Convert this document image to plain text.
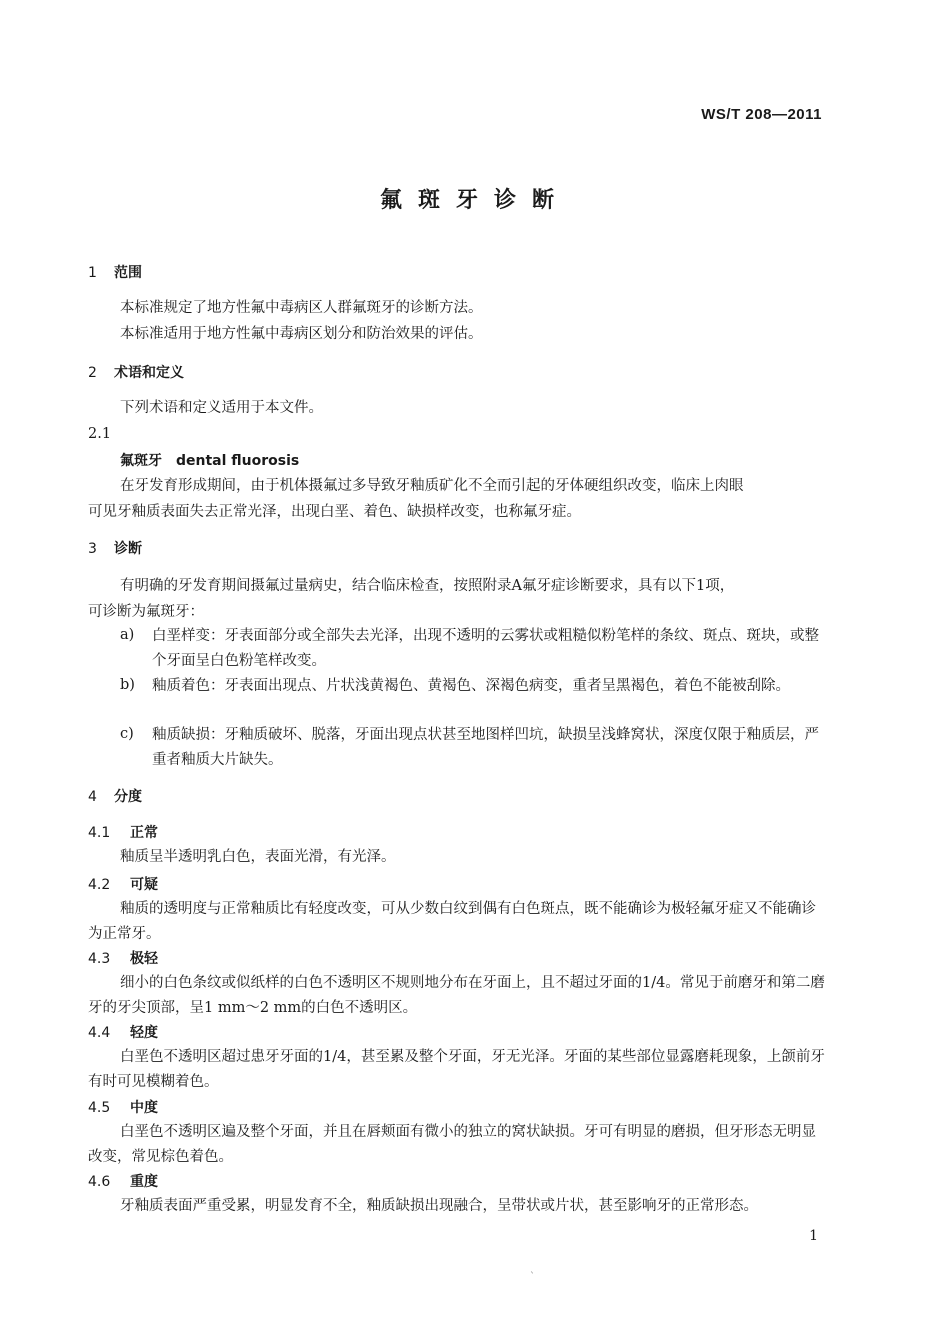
WS/T 208—2011
氟斑牙诊断
1 范围
本标准规定了地方性氟中毒病区人群氟斑牙的诊断方法。
本标准适用于地方性氟中毒病区划分和防治效果的评估。
2 术语和定义
下列术语和定义适用于本文件。
2.1
氟斑牙 dental fluorosis
在牙发育形成期间，由于机体摄氟过多导致牙釉质矿化不全而引起的牙体硬组织改变，临床上肉眼
可见牙釉质表面失去正常光泽，出现白垩、着色、缺损样改变，也称氟牙症。
3 诊断
有明确的牙发育期间摄氟过量病史，结合临床检查，按照附录A氟牙症诊断要求，具有以下1项，
可诊断为氟斑牙：
a) 白垩样变：牙表面部分或全部失去光泽，出现不透明的云雾状或粗糙似粉笔样的条纹、斑点、斑块，或整个牙面呈白色粉笔样改变。
b) 釉质着色：牙表面出现点、片状浅黄褐色、黄褐色、深褐色病变，重者呈黑褐色，着色不能被刮除。
c) 釉质缺损：牙釉质破坏、脱落，牙面出现点状甚至地图样凹坑，缺损呈浅蜂窝状，深度仅限于釉质层，严重者釉质大片缺失。
4 分度
4.1 正常
釉质呈半透明乳白色，表面光滑，有光泽。
4.2 可疑
釉质的透明度与正常釉质比有轻度改变，可从少数白纹到偶有白色斑点，既不能确诊为极轻氟牙症又不能确诊为正常牙。
4.3 极轻
细小的白色条纹或似纸样的白色不透明区不规则地分布在牙面上，且不超过牙面的1/4。常见于前磨牙和第二磨牙的牙尖顶部，呈1 mm～2 mm的白色不透明区。
4.4 轻度
白垩色不透明区超过患牙牙面的1/4，甚至累及整个牙面，牙无光泽。牙面的某些部位显露磨耗现象，上颌前牙有时可见模糊着色。
4.5 中度
白垩色不透明区遍及整个牙面，并且在唇颊面有微小的独立的窝状缺损。牙可有明显的磨损，但牙形态无明显改变，常见棕色着色。
4.6 重度
牙釉质表面严重受累，明显发育不全，釉质缺损出现融合，呈带状或片状，甚至影响牙的正常形态。
1
`
